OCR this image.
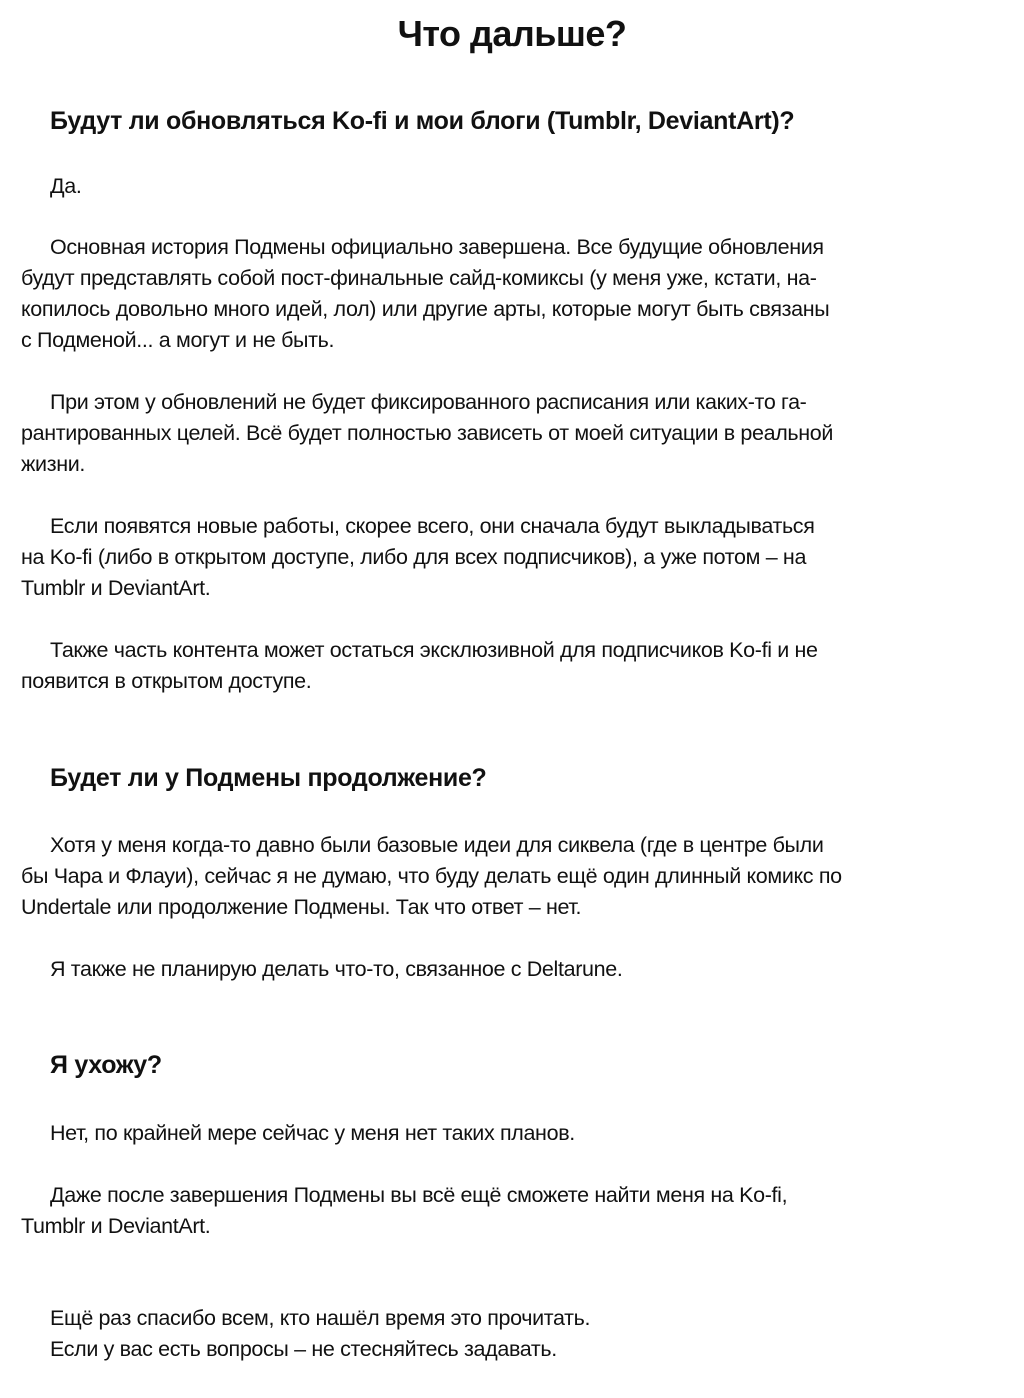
Что дальше?
Будут ли обновляться Ko-fi и мои блоги (Tumblr, DeviantArt)?
Да.
Основная история Подмены официально завершена. Все будущие обновления
будут представлять собой пост-финальные сайд-комиксы (у меня уже, кстати, на-
копилось довольно много идей, лол) или другие арты, которые могут быть связаны
с Подменой... а могут и не быть.
При этом у обновлений не будет фиксированного расписания или каких-то га-
рантированных целей. Всё будет полностью зависеть от моей ситуации в реальной
жизни.
Если появятся новые работы, скорее всего, они сначала будут выкладываться
на Ko-fi (либо в открытом доступе, либо для всех подписчиков), а уже потом – на
Tumblr и DeviantArt.
Также часть контента может остаться эксклюзивной для подписчиков Ko-fi и не
появится в открытом доступе.
Будет ли у Подмены продолжение?
Хотя у меня когда-то давно были базовые идеи для сиквела (где в центре были
бы Чара и Флауи), сейчас я не думаю, что буду делать ещё один длинный комикс по
Undertale или продолжение Подмены. Так что ответ – нет.
Я также не планирую делать что-то, связанное с Deltarune.
Я ухожу?
Нет, по крайней мере сейчас у меня нет таких планов.
Даже после завершения Подмены вы всё ещё сможете найти меня на Ko-fi,
Tumblr и DeviantArt.
Ещё раз спасибо всем, кто нашёл время это прочитать.
Если у вас есть вопросы – не стесняйтесь задавать.
